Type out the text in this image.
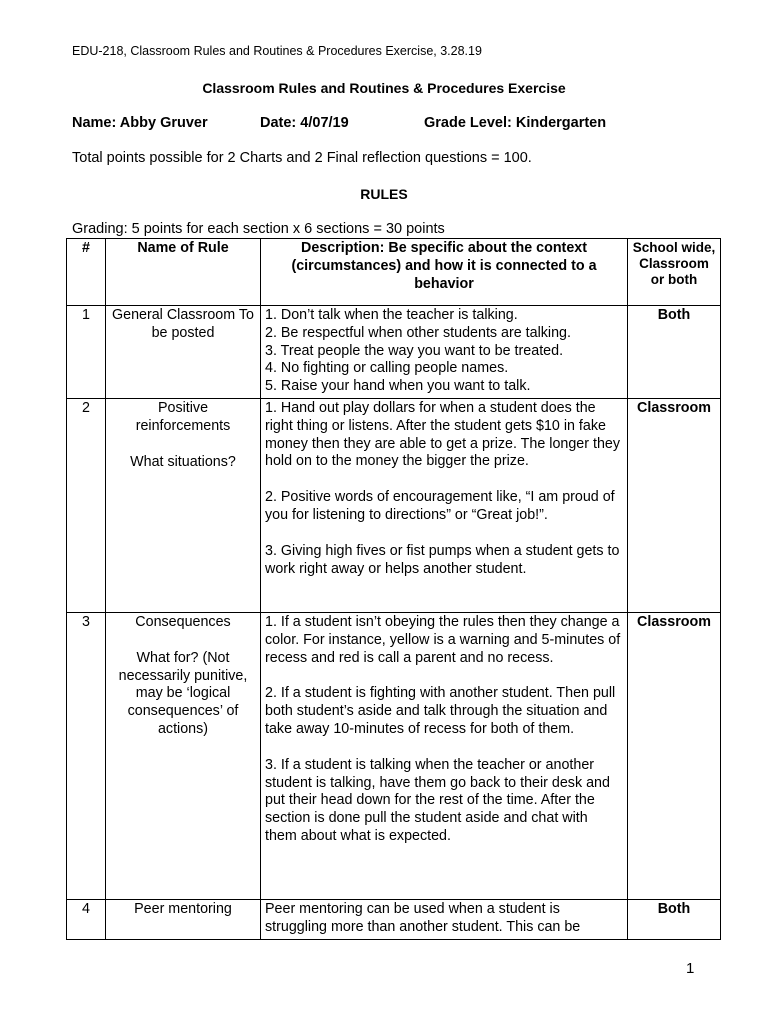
EDU-218, Classroom Rules and Routines & Procedures Exercise, 3.28.19
Classroom Rules and Routines & Procedures Exercise
Name: Abby Gruver	Date: 4/07/19	Grade Level: Kindergarten
Total points possible for 2 Charts and 2 Final reflection questions = 100.
RULES
Grading: 5 points for each section x 6 sections = 30 points
#	Name of Rule	Description: Be specific about the context (circumstances) and how it is connected to a behavior	School wide, Classroom or both
1	General Classroom To be posted	1. Don’t talk when the teacher is talking.
2. Be respectful when other students are talking.
3. Treat people the way you want to be treated.
4. No fighting or calling people names.
5. Raise your hand when you want to talk.	Both
2	Positive reinforcements
What situations?	1. Hand out play dollars for when a student does the right thing or listens. After the student gets $10 in fake money then they are able to get a prize. The longer they hold on to the money the bigger the prize.
2. Positive words of encouragement like, “I am proud of you for listening to directions” or “Great job!”.
3. Giving high fives or fist pumps when a student gets to work right away or helps another student.	Classroom
3	Consequences
What for? (Not necessarily punitive, may be ‘logical consequences’ of actions)	1. If a student isn’t obeying the rules then they change a color. For instance, yellow is a warning and 5-minutes of recess and red is call a parent and no recess.
2. If a student is fighting with another student. Then pull both student’s aside and talk through the situation and take away 10-minutes of recess for both of them.
3. If a student is talking when the teacher or another student is talking, have them go back to their desk and put their head down for the rest of the time. After the section is done pull the student aside and chat with them about what is expected.	Classroom
4	Peer mentoring	Peer mentoring can be used when a student is struggling more than another student. This can be	Both
1
